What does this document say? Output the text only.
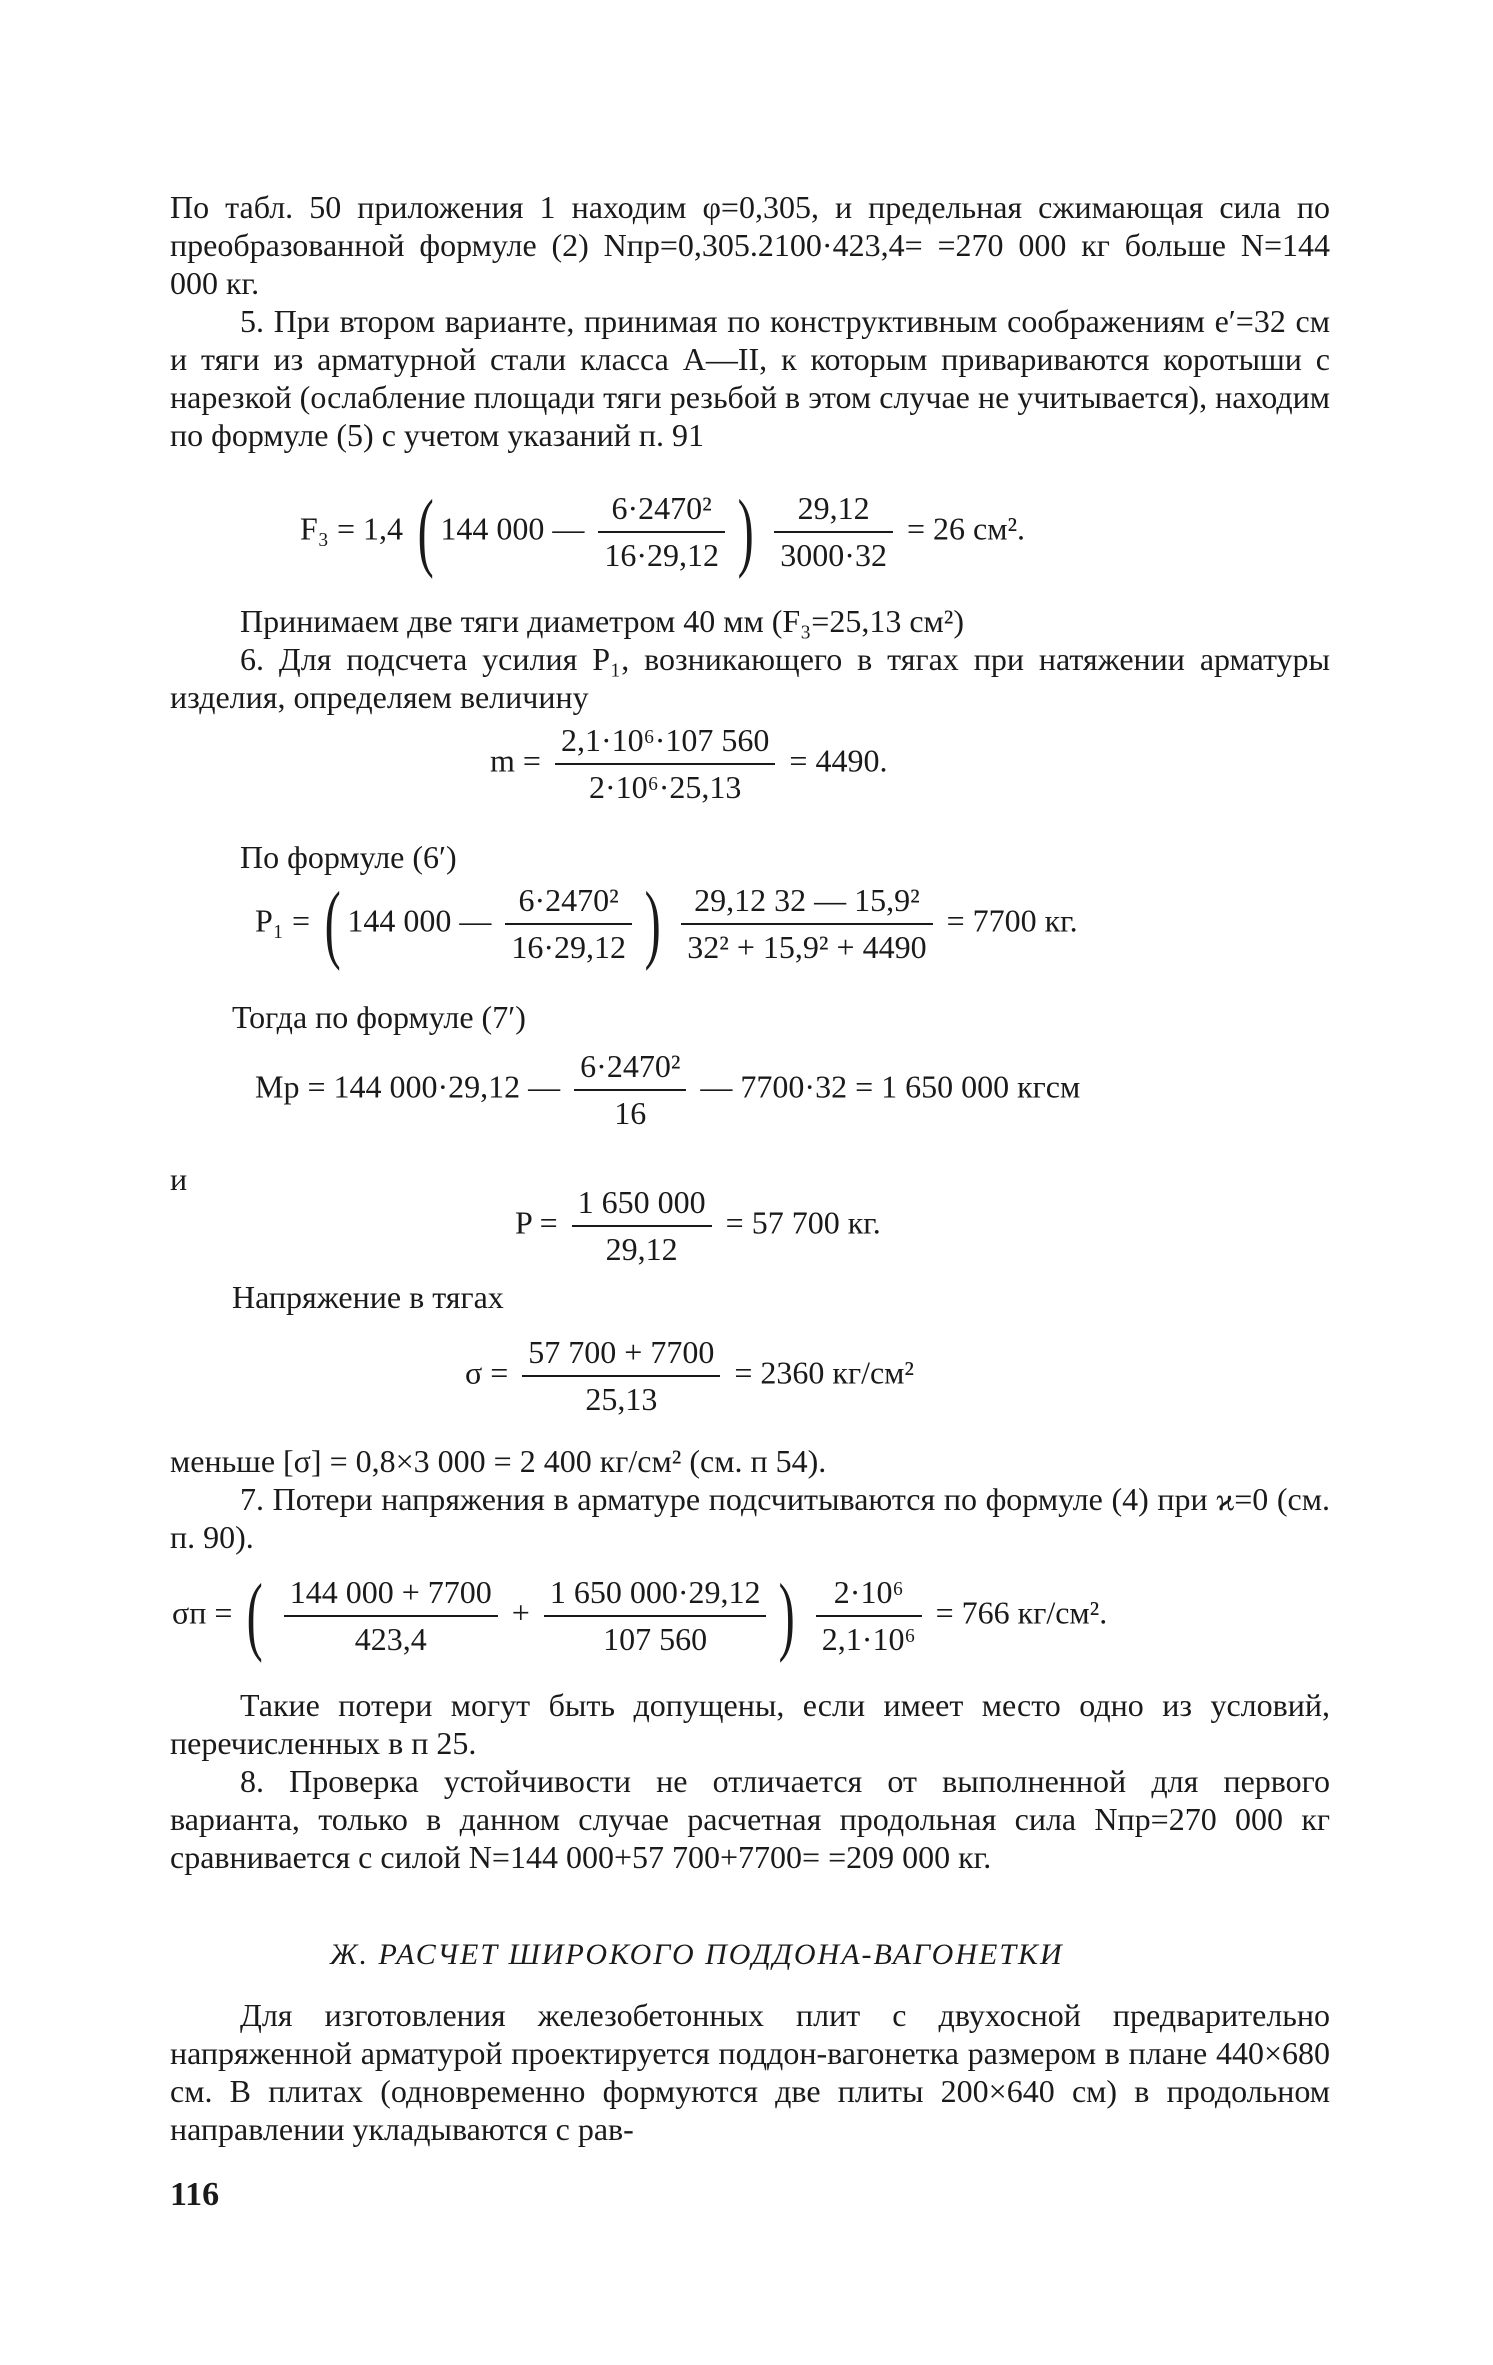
По табл. 50 приложения 1 находим φ=0,305, и предельная сжимающая сила по преобразованной формуле (2) Nпр=0,305.2100·423,4= =270 000 кг больше N=144 000 кг.

5. При втором варианте, принимая по конструктивным соображениям e′=32 см и тяги из арматурной стали класса А—II, к которым привариваются коротыши с нарезкой (ослабление площади тяги резьбой в этом случае не учитывается), находим по формуле (5) с учетом указаний п. 91

F₃ = 1,4 ( 144 000 — $\frac{\text{6·2470²}}{16\cdot 29,12}$ ) $\frac{29,12}{3000\cdot 32} = 26$ см².

Принимаем две тяги диаметром 40 мм (F₃=25,13 см²)

6. Для подсчета усилия P₁, возникающего в тягах при натяжении арматуры изделия, определяем величину

$m = \frac{\text{2,1·10⁶·107 560}}{\text{2·10⁶·25,13}} = 4490$.
По формуле (6′)
P₁ = ( 144 000 — $\frac{\text{6·2470²}}{16\cdot 29,12}$ ) $\frac{\text{29,12 32 — 15,9²}}{\text{32² + 15,9² + 4490}} = 7700$ кг.
Тогда по формуле (7′)
Mр = 144 000·29,12 — $\frac{\text{6·2470²}}{16}$ — 7700·32 = 1 650 000 кгсм
и
$P = \frac{1 650 000}{29,12} = 57$ 700 кг.
Напряжение в тягах
$\sigma = \frac{57 700 + 7700}{25,13} = 2360$ кг/см²

меньше [σ] = 0,8×3 000 = 2 400 кг/см² (см. п 54).

7. Потери напряжения в арматуре подсчитываются по формуле (4) при ϰ=0 (см. п. 90).

σп = ( $\frac{144 000 + 7700}{423,4} + \frac{1 650 000\cdot 29,12}{107 560}$ ) $\frac{\text{2·10⁶}}{\text{2,1·10⁶}} = 766$ кг/см².

Такие потери могут быть допущены, если имеет место одно из условий, перечисленных в п 25.

8. Проверка устойчивости не отличается от выполненной для первого варианта, только в данном случае расчетная продольная сила Nпр=270 000 кг сравнивается с силой N=144 000+57 700+7700= =209 000 кг.

Ж. РАСЧЕТ ШИРОКОГО ПОДДОНА-ВАГОНЕТКИ

Для изготовления железобетонных плит с двухосной предварительно напряженной арматурой проектируется поддон-вагонетка размером в плане 440×680 см. В плитах (одновременно формуются две плиты 200×640 см) в продольном направлении укладываются с рав-

116
